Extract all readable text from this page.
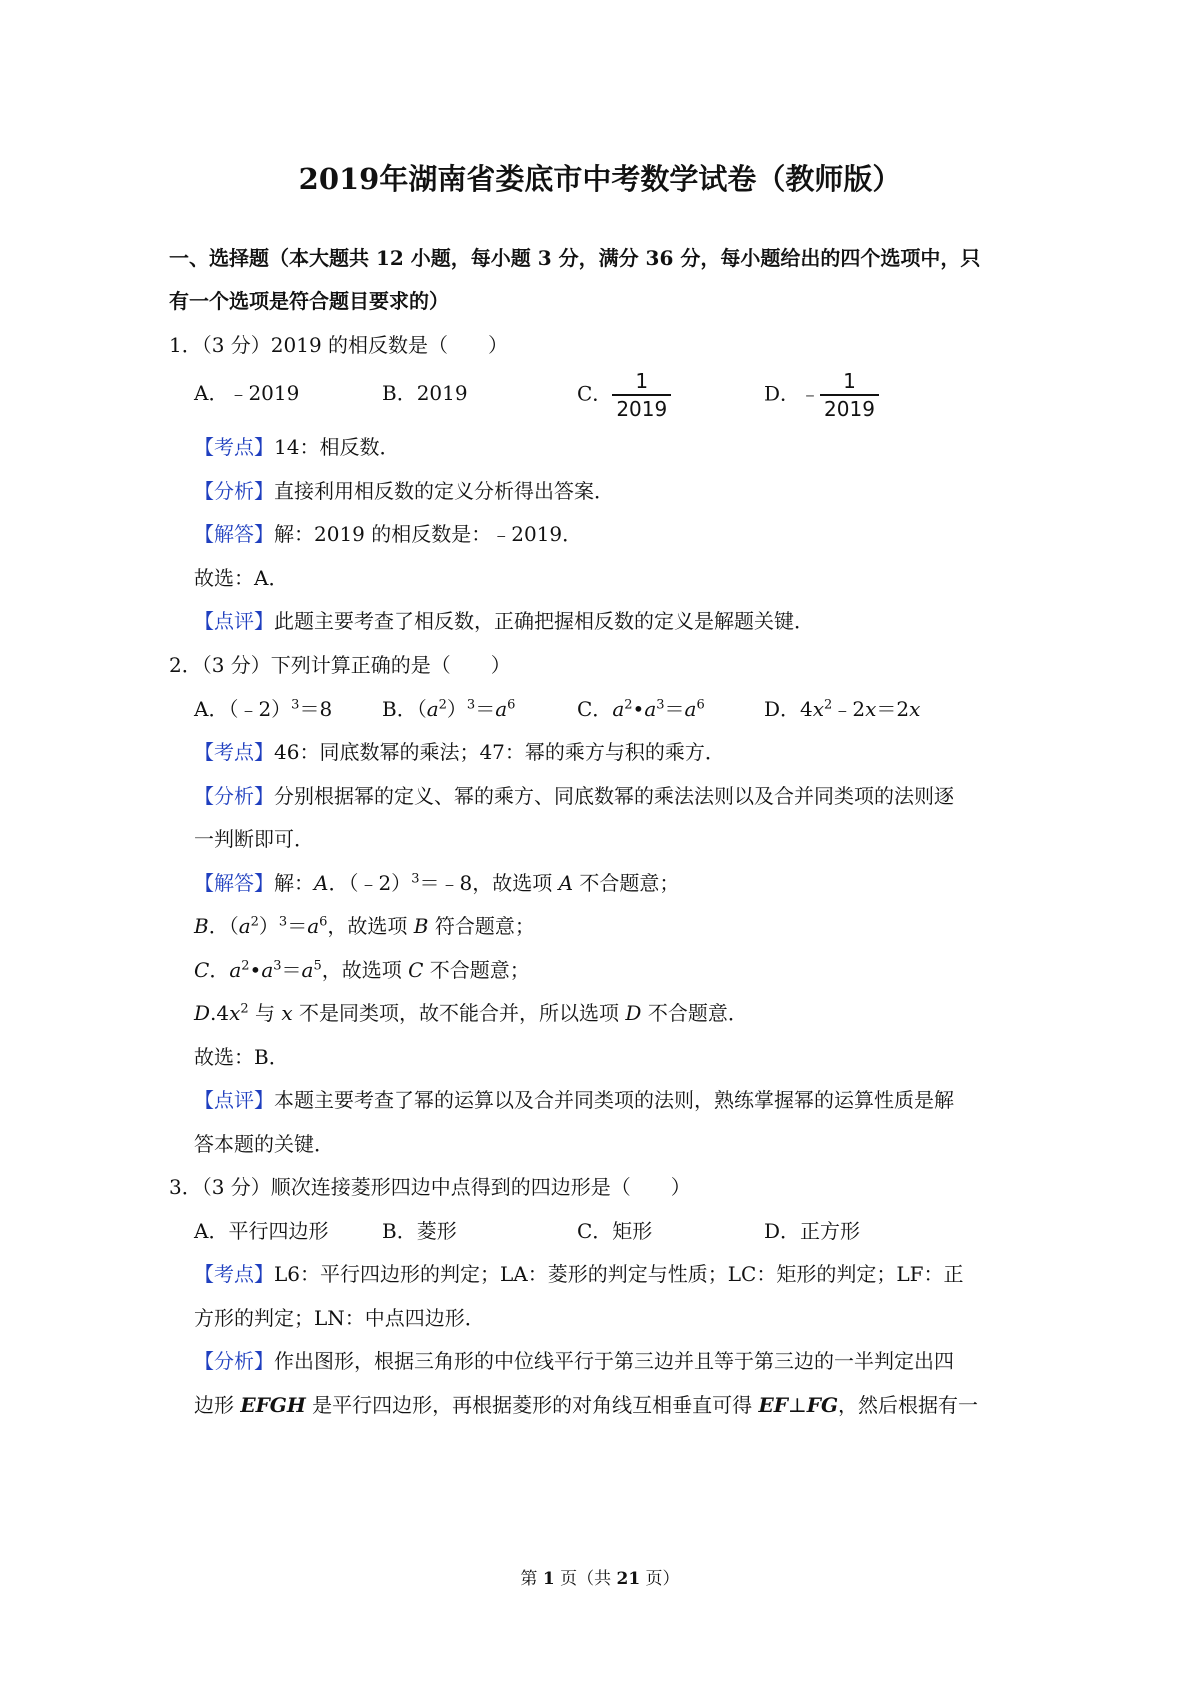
2019年湖南省娄底市中考数学试卷（教师版）
一、选择题（本大题共 12 小题，每小题 3 分，满分 36 分，每小题给出的四个选项中，只
有一个选项是符合题目要求的）
1．（3 分）2019 的相反数是（　　）
A．﹣2019	B．2019	C． $\frac{1}{2019}$	D．﹣ $\frac{1}{2019}$
【考点】14：相反数．
【分析】直接利用相反数的定义分析得出答案．
【解答】解：2019 的相反数是：﹣2019．
故选：A．
【点评】此题主要考查了相反数，正确把握相反数的定义是解题关键．
2．（3 分）下列计算正确的是（　　）
A．（﹣2）$^3$＝8 B．$(a^2)^3=a^6$	C．$a^2•a^3=a^6$	D．$4x^2﹣2x=2x$
【考点】46：同底数幂的乘法；47：幂的乘方与积的乘方．
【分析】分别根据幂的定义、幂的乘方、同底数幂的乘法法则以及合并同类项的法则逐
一判断即可．
【解答】解：A．（﹣2）$^3$＝﹣8，故选项 A 不合题意；
B．$(a^2)^3=a^6$，故选项 B 符合题意；
C．$a^2•a^3=a^5$，故选项 C 不合题意；
$D.4x^2$ 与 x 不是同类项，故不能合并，所以选项 D 不合题意．
故选：B．
【点评】本题主要考查了幂的运算以及合并同类项的法则，熟练掌握幂的运算性质是解
答本题的关键．
3．（3 分）顺次连接菱形四边中点得到的四边形是（　　）
A．平行四边形	B．菱形	C．矩形	D．正方形
【考点】L6：平行四边形的判定；LA：菱形的判定与性质；LC：矩形的判定；LF：正
方形的判定；LN：中点四边形．
【分析】作出图形，根据三角形的中位线平行于第三边并且等于第三边的一半判定出四
边形 EFGH 是平行四边形，再根据菱形的对角线互相垂直可得 EF⊥FG，然后根据有一
第 1 页（共 21 页）
